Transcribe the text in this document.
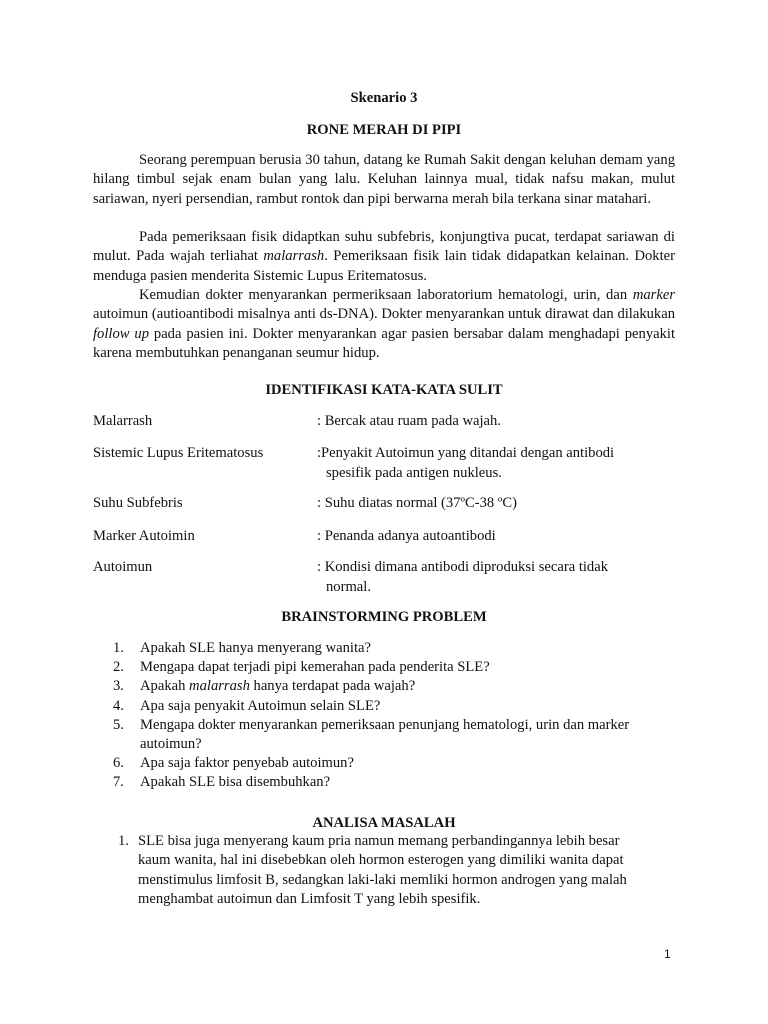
Skenario 3
RONE MERAH DI PIPI

Seorang perempuan berusia 30 tahun, datang ke Rumah Sakit dengan keluhan demam yang hilang timbul sejak enam bulan yang lalu. Keluhan lainnya mual, tidak nafsu makan, mulut sariawan, nyeri persendian, rambut rontok dan pipi berwarna merah bila terkana sinar matahari.

Pada pemeriksaan fisik didaptkan suhu subfebris, konjungtiva pucat, terdapat sariawan di mulut. Pada wajah terliahat malarrash. Pemeriksaan fisik lain tidak didapatkan kelainan. Dokter menduga pasien menderita Sistemic Lupus Eritematosus.

Kemudian dokter menyarankan permeriksaan laboratorium hematologi, urin, dan marker autoimun (autioantibodi misalnya anti ds-DNA). Dokter menyarankan untuk dirawat dan dilakukan follow up pada pasien ini. Dokter menyarankan agar pasien bersabar dalam menghadapi penyakit karena membutuhkan penanganan seumur hidup.

IDENTIFIKASI KATA-KATA SULIT
Malarrash	: Bercak atau ruam pada wajah.
Sistemic Lupus Eritematosus	:Penyakit Autoimun yang ditandai dengan antibodi
spesifik pada antigen nukleus.
Suhu Subfebris	: Suhu diatas normal (37ºC-38 ºC)
Marker Autoimin	: Penanda adanya autoantibodi
Autoimun	: Kondisi dimana antibodi diproduksi secara tidak
normal.
BRAINSTORMING PROBLEM
1.	Apakah SLE hanya menyerang wanita?
2.	Mengapa dapat terjadi pipi kemerahan pada penderita SLE?
3.	Apakah malarrash hanya terdapat pada wajah?
4.	Apa saja penyakit Autoimun selain SLE?
5.	Mengapa dokter menyarankan pemeriksaan penunjang hematologi, urin dan marker autoimun?
6.	Apa saja faktor penyebab autoimun?
7.	Apakah SLE bisa disembuhkan?
ANALISA MASALAH
1. SLE bisa juga menyerang kaum pria namun memang perbandingannya lebih besar
kaum wanita, hal ini disebebkan oleh hormon esterogen yang dimiliki wanita dapat
menstimulus limfosit B, sedangkan laki-laki memliki hormon androgen yang malah
menghambat autoimun dan Limfosit T yang lebih spesifik.
1
